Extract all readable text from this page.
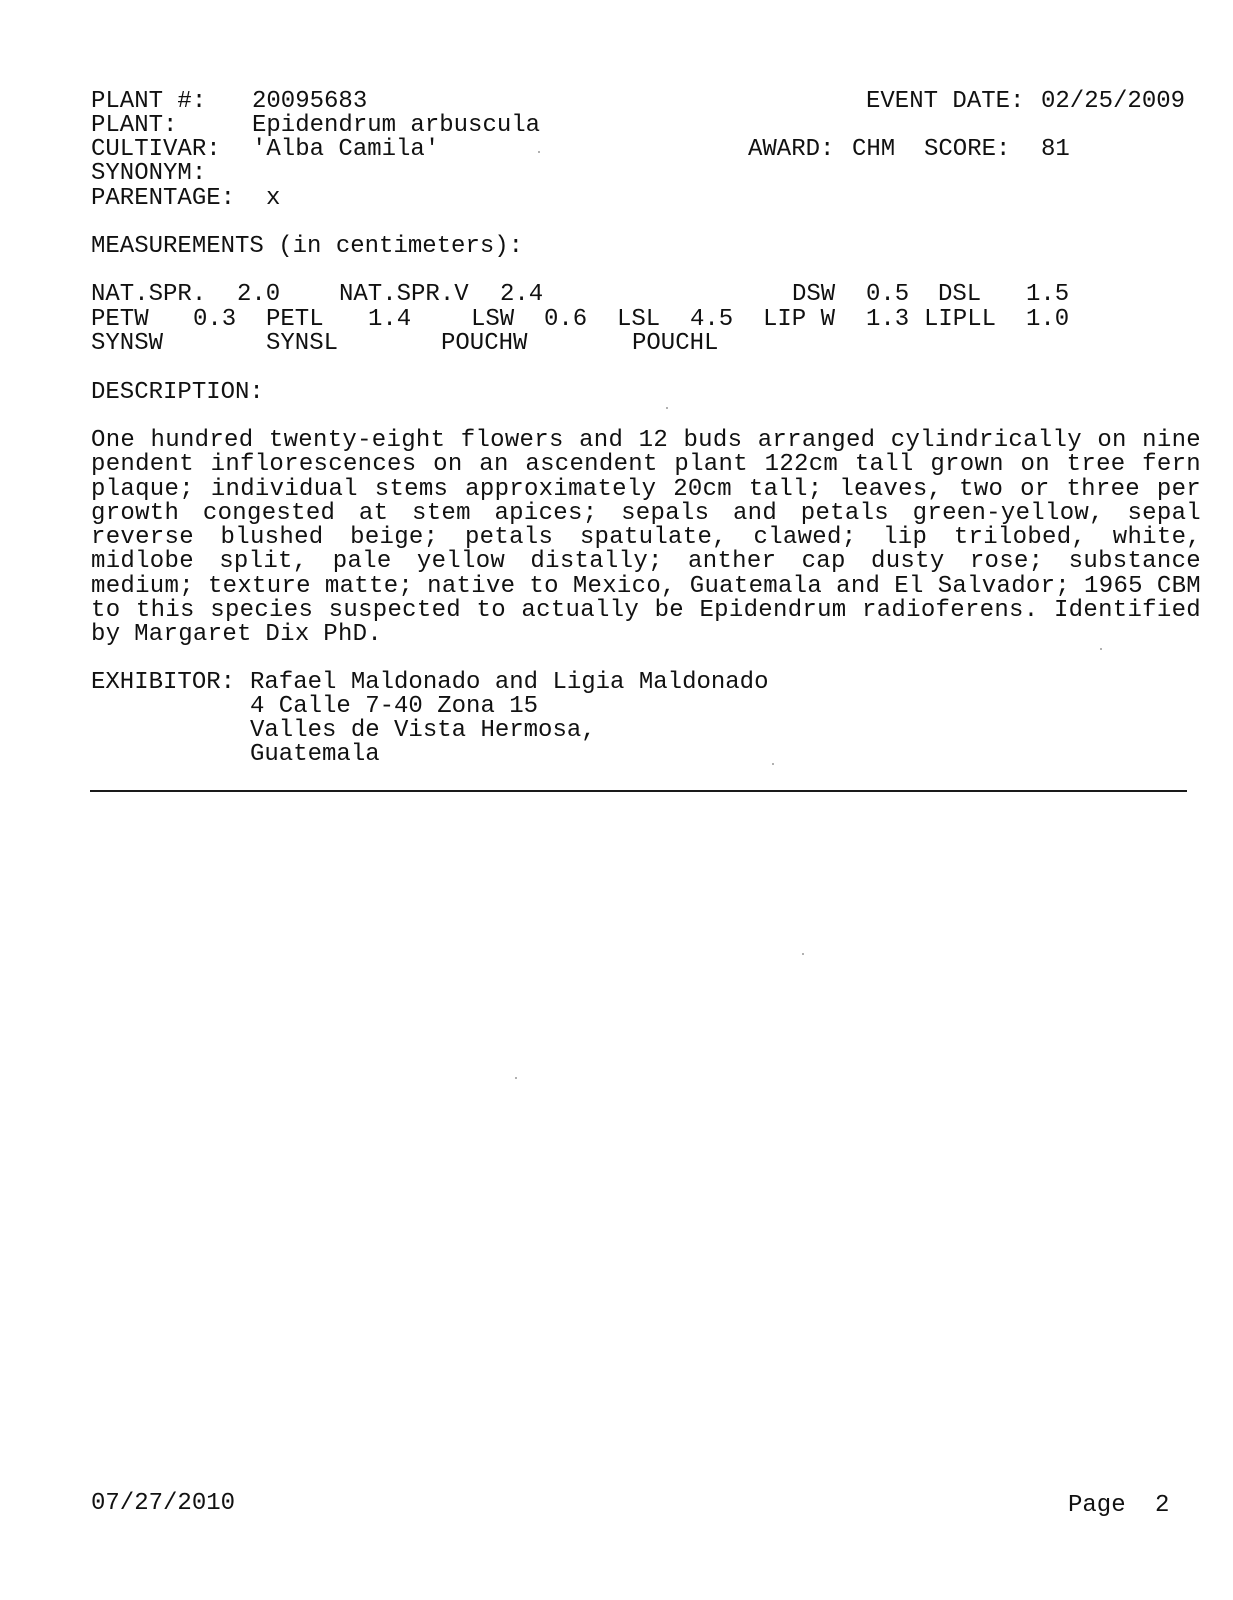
PLANT #: 20095683	EVENT DATE: 02/25/2009
PLANT:	Epidendrum arbuscula
CULTIVAR: 'Alba Camila'	AWARD: CHM SCORE: 81
SYNONYM:
PARENTAGE: x
MEASUREMENTS (in centimeters):
NAT.SPR. 2.0 NAT.SPR.V 2.4	DSW 0.5 DSL 1.5
PETW 0.3 PETL 1.4 LSW 0.6 LSL 4.5 LIP W 1.3 LIPLL 1.0
SYNSW	SYNSL	POUCHW	POUCHL
DESCRIPTION:
One hundred twenty-eight flowers and 12 buds arranged cylindrically on nine pendent inflorescences on an ascendent plant 122cm tall grown on tree fern plaque; individual stems approximately 20cm tall; leaves, two or three per growth congested at stem apices; sepals and petals green-yellow, sepal reverse blushed beige; petals spatulate, clawed; lip trilobed, white, midlobe split, pale yellow distally; anther cap dusty rose; substance medium; texture matte; native to Mexico, Guatemala and El Salvador; 1965 CBM to this species suspected to actually be Epidendrum radioferens. Identified by Margaret Dix PhD.
EXHIBITOR: Rafael Maldonado and Ligia Maldonado
4 Calle 7-40 Zona 15
Valles de Vista Hermosa,
Guatemala
07/27/2010	Page 2
